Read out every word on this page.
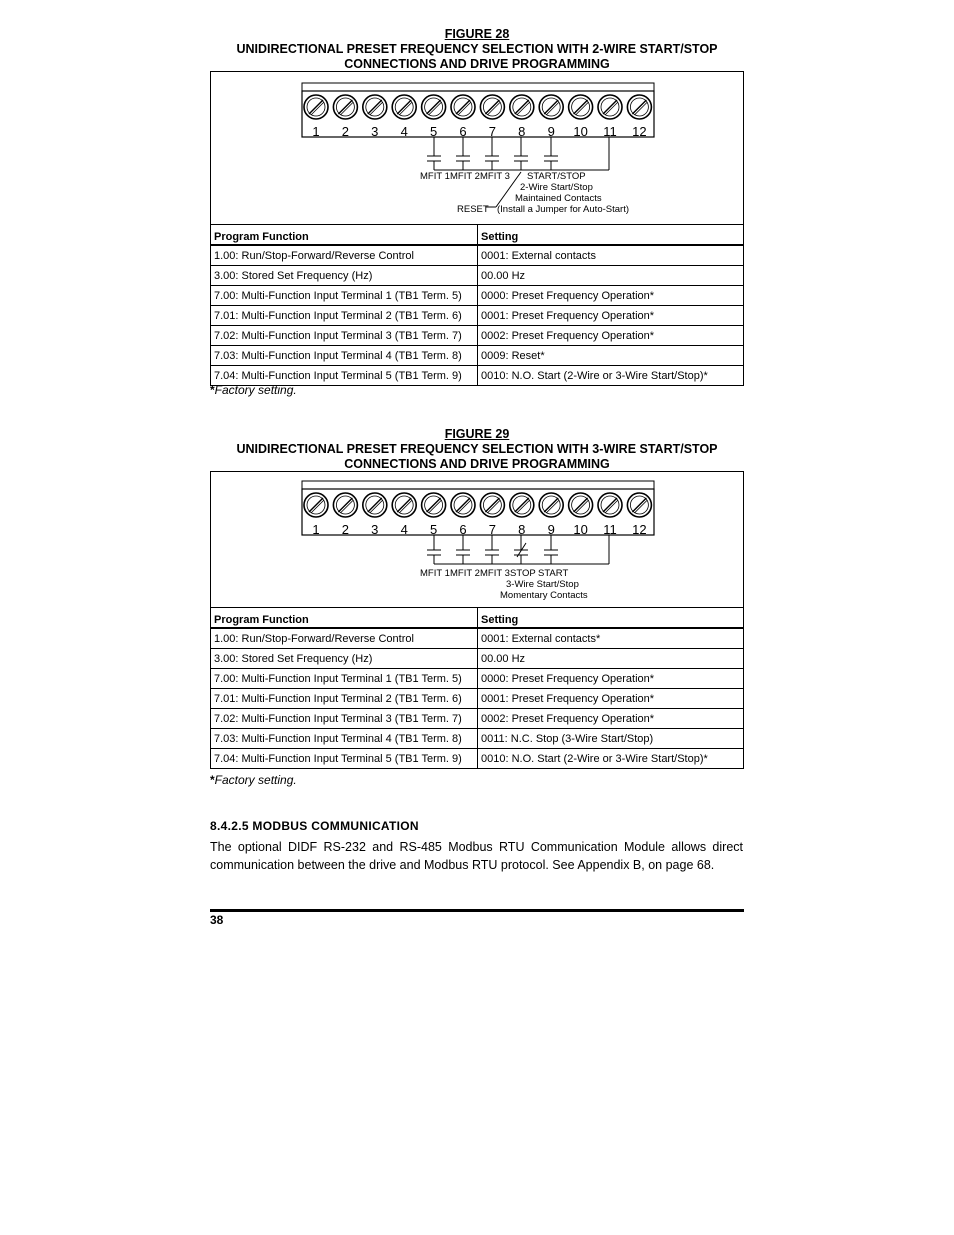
FIGURE 28
UNIDIRECTIONAL PRESET FREQUENCY SELECTION WITH 2-WIRE START/STOP
CONNECTIONS AND DRIVE PROGRAMMING
1 2 3 4 5 6 7 8 9 10 11 12
MFIT 1 MFIT 2 MFIT 3 START/STOP
2-Wire Start/Stop
Maintained Contacts
RESET (Install a Jumper for Auto-Start)
Program Function	Setting
1.00: Run/Stop-Forward/Reverse Control	0001: External contacts
3.00: Stored Set Frequency (Hz)	00.00 Hz
7.00: Multi-Function Input Terminal 1 (TB1 Term. 5)	0000: Preset Frequency Operation*
7.01: Multi-Function Input Terminal 2 (TB1 Term. 6)	0001: Preset Frequency Operation*
7.02: Multi-Function Input Terminal 3 (TB1 Term. 7)	0002: Preset Frequency Operation*
7.03: Multi-Function Input Terminal 4 (TB1 Term. 8)	0009: Reset*
7.04: Multi-Function Input Terminal 5 (TB1 Term. 9)	0010: N.O. Start (2-Wire or 3-Wire Start/Stop)*
*Factory setting.
FIGURE 29
UNIDIRECTIONAL PRESET FREQUENCY SELECTION WITH 3-WIRE START/STOP
CONNECTIONS AND DRIVE PROGRAMMING
1 2 3 4 5 6 7 8 9 10 11 12
MFIT 1 MFIT 2 MFIT 3 STOP START
3-Wire Start/Stop
Momentary Contacts
Program Function	Setting
1.00: Run/Stop-Forward/Reverse Control	0001: External contacts*
3.00: Stored Set Frequency (Hz)	00.00 Hz
7.00: Multi-Function Input Terminal 1 (TB1 Term. 5)	0000: Preset Frequency Operation*
7.01: Multi-Function Input Terminal 2 (TB1 Term. 6)	0001: Preset Frequency Operation*
7.02: Multi-Function Input Terminal 3 (TB1 Term. 7)	0002: Preset Frequency Operation*
7.03: Multi-Function Input Terminal 4 (TB1 Term. 8)	0011: N.C. Stop (3-Wire Start/Stop)
7.04: Multi-Function Input Terminal 5 (TB1 Term. 9)	0010: N.O. Start (2-Wire or 3-Wire Start/Stop)*
*Factory setting.
8.4.2.5 MODBUS COMMUNICATION
The optional DIDF RS-232 and RS-485 Modbus RTU Communication Module allows direct communication between the drive and Modbus RTU protocol. See Appendix B, on page 68.
38
